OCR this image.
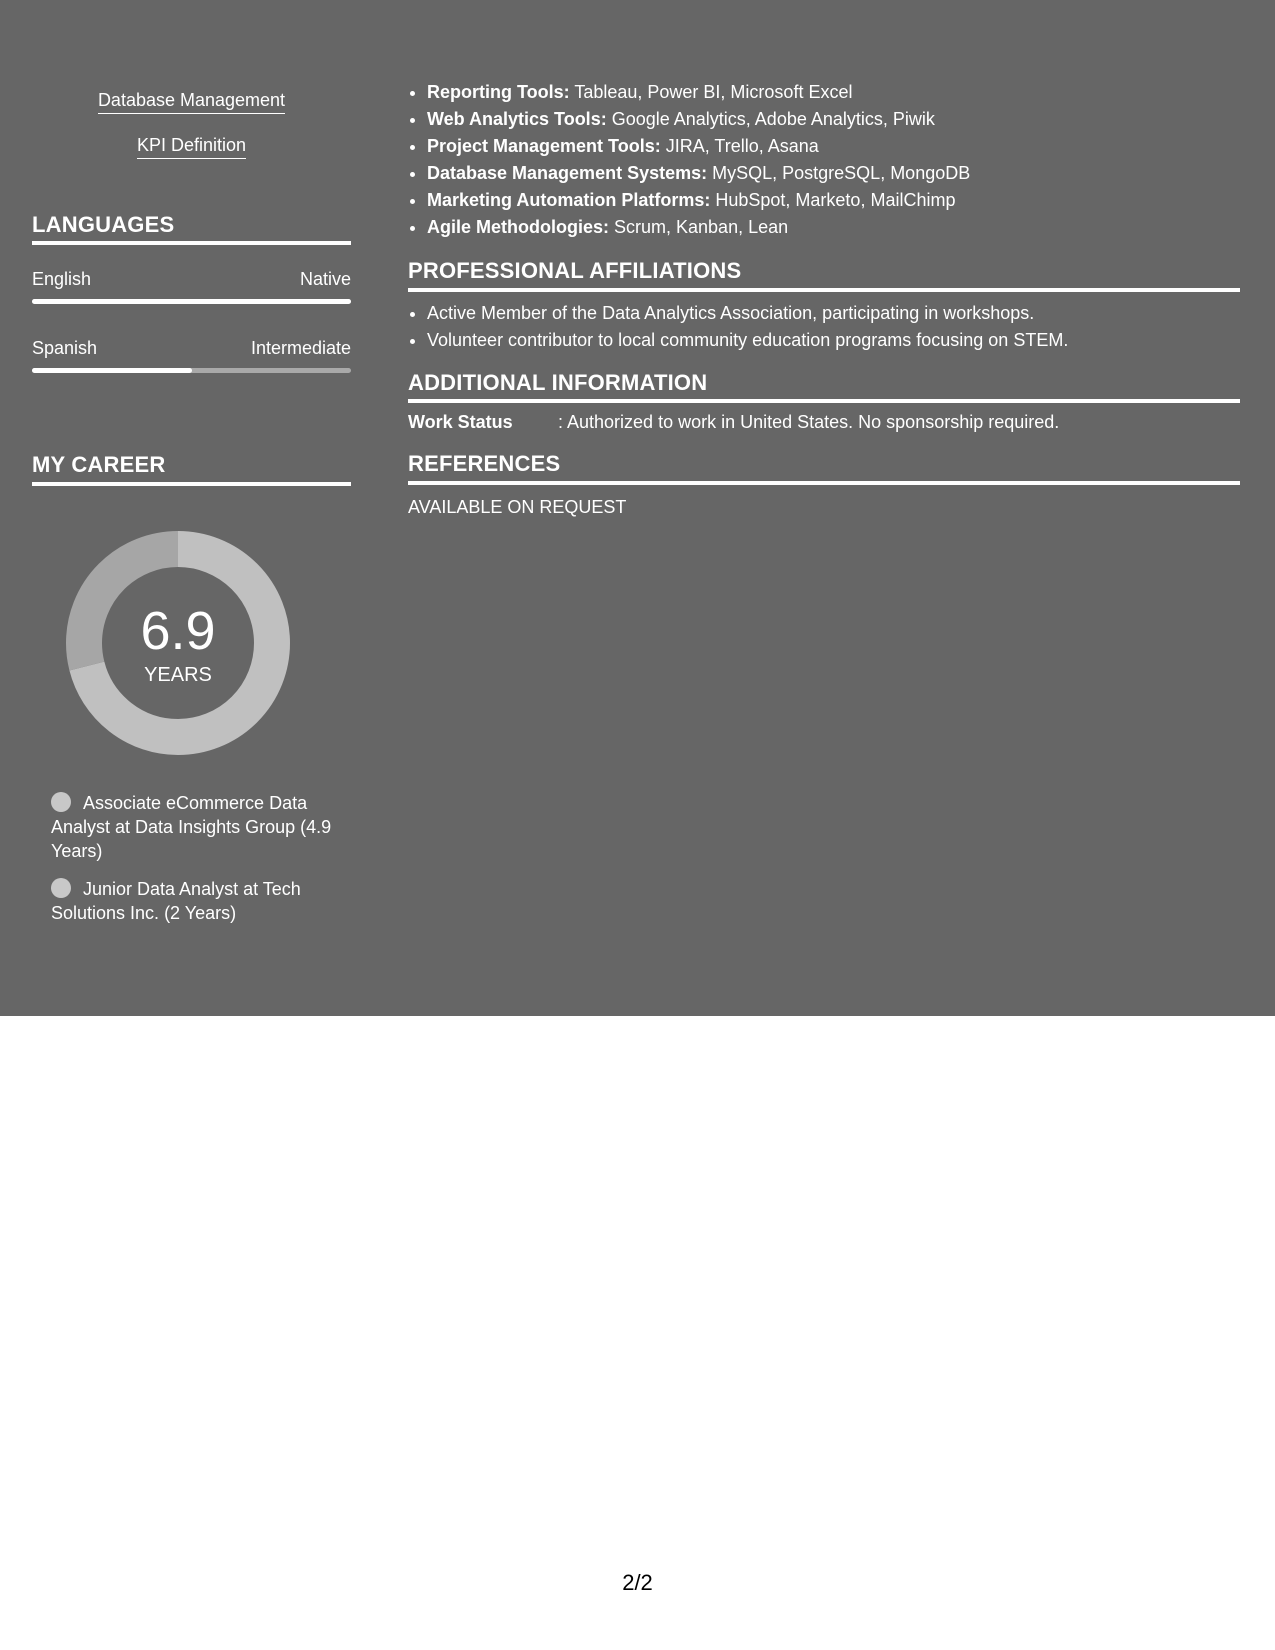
Database Management
KPI Definition
LANGUAGES
English	Native
Spanish	Intermediate
MY CAREER
6.9
YEARS
Associate eCommerce Data Analyst at Data Insights Group (4.9 Years)
Junior Data Analyst at Tech Solutions Inc. (2 Years)
• Reporting Tools: Tableau, Power BI, Microsoft Excel
• Web Analytics Tools: Google Analytics, Adobe Analytics, Piwik
• Project Management Tools: JIRA, Trello, Asana
• Database Management Systems: MySQL, PostgreSQL, MongoDB
• Marketing Automation Platforms: HubSpot, Marketo, MailChimp
• Agile Methodologies: Scrum, Kanban, Lean
PROFESSIONAL AFFILIATIONS
• Active Member of the Data Analytics Association, participating in workshops.
• Volunteer contributor to local community education programs focusing on STEM.
ADDITIONAL INFORMATION
Work Status	: Authorized to work in United States. No sponsorship required.
REFERENCES
AVAILABLE ON REQUEST
2/2
